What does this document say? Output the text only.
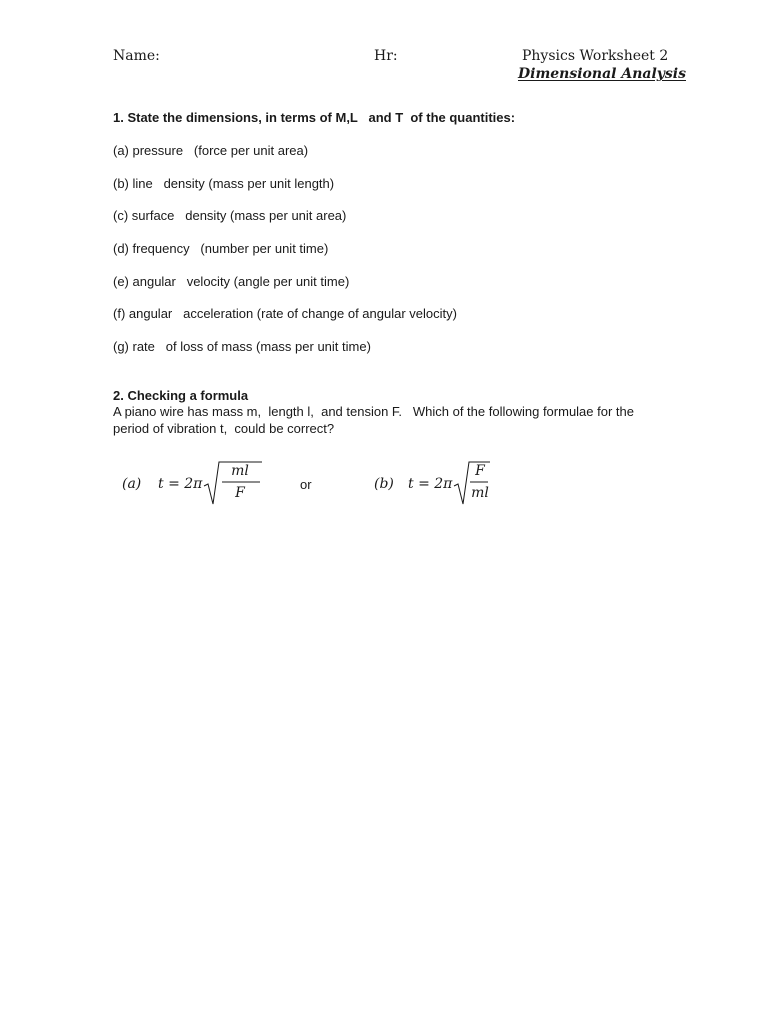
Name:	Hr:	Physics Worksheet 2
Dimensional Analysis
1. State the dimensions, in terms of M,L   and T  of the quantities:
(a) pressure   (force per unit area)
(b) line   density (mass per unit length)
(c) surface   density (mass per unit area)
(d) frequency   (number per unit time)
(e) angular   velocity (angle per unit time)
(f) angular   acceleration (rate of change of angular velocity)
(g) rate   of loss of mass (mass per unit time)
2. Checking a formula
A piano wire has mass m,  length l,  and tension F.   Which of the following formulae for the period of vibration t,  could be correct?
(a) t = 2π
ml
F
or	(b) t = 2π
F
ml
